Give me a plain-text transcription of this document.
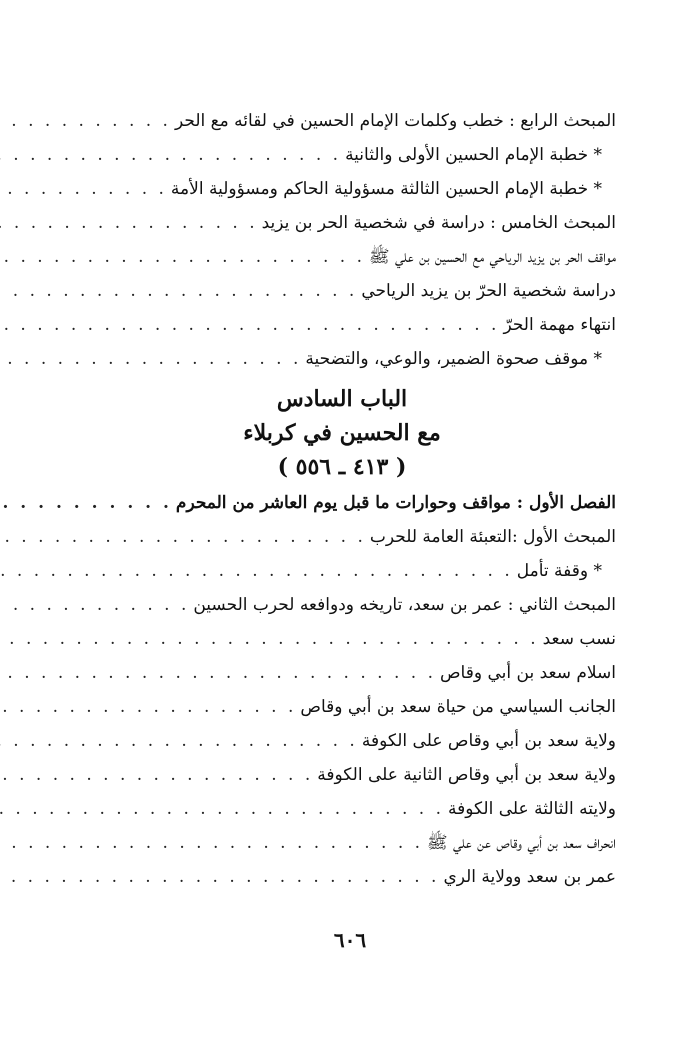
المبحث الرابع : خطب وكلمات الإمام الحسين في لقائه مع الحر
. . .
* خطبة الإمام الحسين الأولى والثانية
. . .
* خطبة الإمام الحسين الثالثة مسؤولية الحاكم ومسؤولية الأمة
. . .
المبحث الخامس : دراسة في شخصية الحر بن يزيد
. . .
مواقف الحر بن يزيد الرياحي مع الحسين بن علي ﷺ
. . .
دراسة شخصية الحرّ بن يزيد الرياحي
. . .
انتهاء مهمة الحرّ
. . .
* موقف صحوة الضمير، والوعي، والتضحية
. . .
الباب السادس
مع الحسين في كربلاء
( ٤١٣ ـ ٥٥٦ )
الفصل الأول : مواقف وحوارات ما قبل يوم العاشر من المحرم
. . .
المبحث الأول :التعبئة العامة للحرب
. . .
* وقفة تأمل
. . .
المبحث الثاني : عمر بن سعد، تاريخه ودوافعه لحرب الحسين
. . .
نسب سعد
. . .
اسلام سعد بن أبي وقاص
. . .
الجانب السياسي من حياة سعد بن أبي وقاص
. . .
ولاية سعد بن أبي وقاص على الكوفة
. . .
ولاية سعد بن أبي وقاص الثانية على الكوفة
. . .
ولايته الثالثة على الكوفة
. . .
انحراف سعد بن أبي وقاص عن علي ﷺ
. . .
عمر بن سعد وولاية الري
. . .
٦٠٦
